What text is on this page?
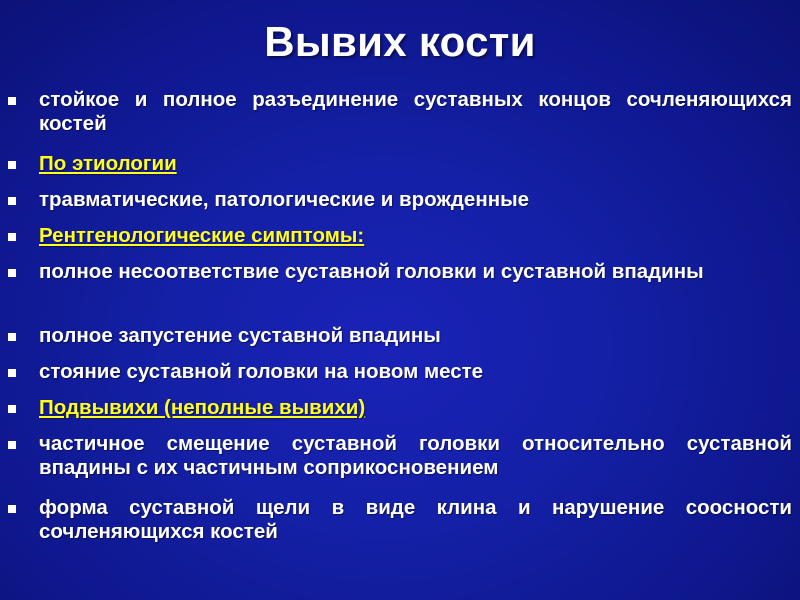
Вывих кости
стойкое и полное разъединение суставных концов сочленяющихся костей
По этиологии
травматические, патологические и врожденные
Рентгенологические симптомы:
полное несоответствие суставной головки и суставной впадины
полное запустение суставной впадины
стояние суставной головки на новом месте
Подвывихи (неполные вывихи)
частичное смещение суставной головки относительно суставной впадины с их частичным соприкосновением
форма суставной щели в виде клина и нарушение соосности сочленяющихся костей
